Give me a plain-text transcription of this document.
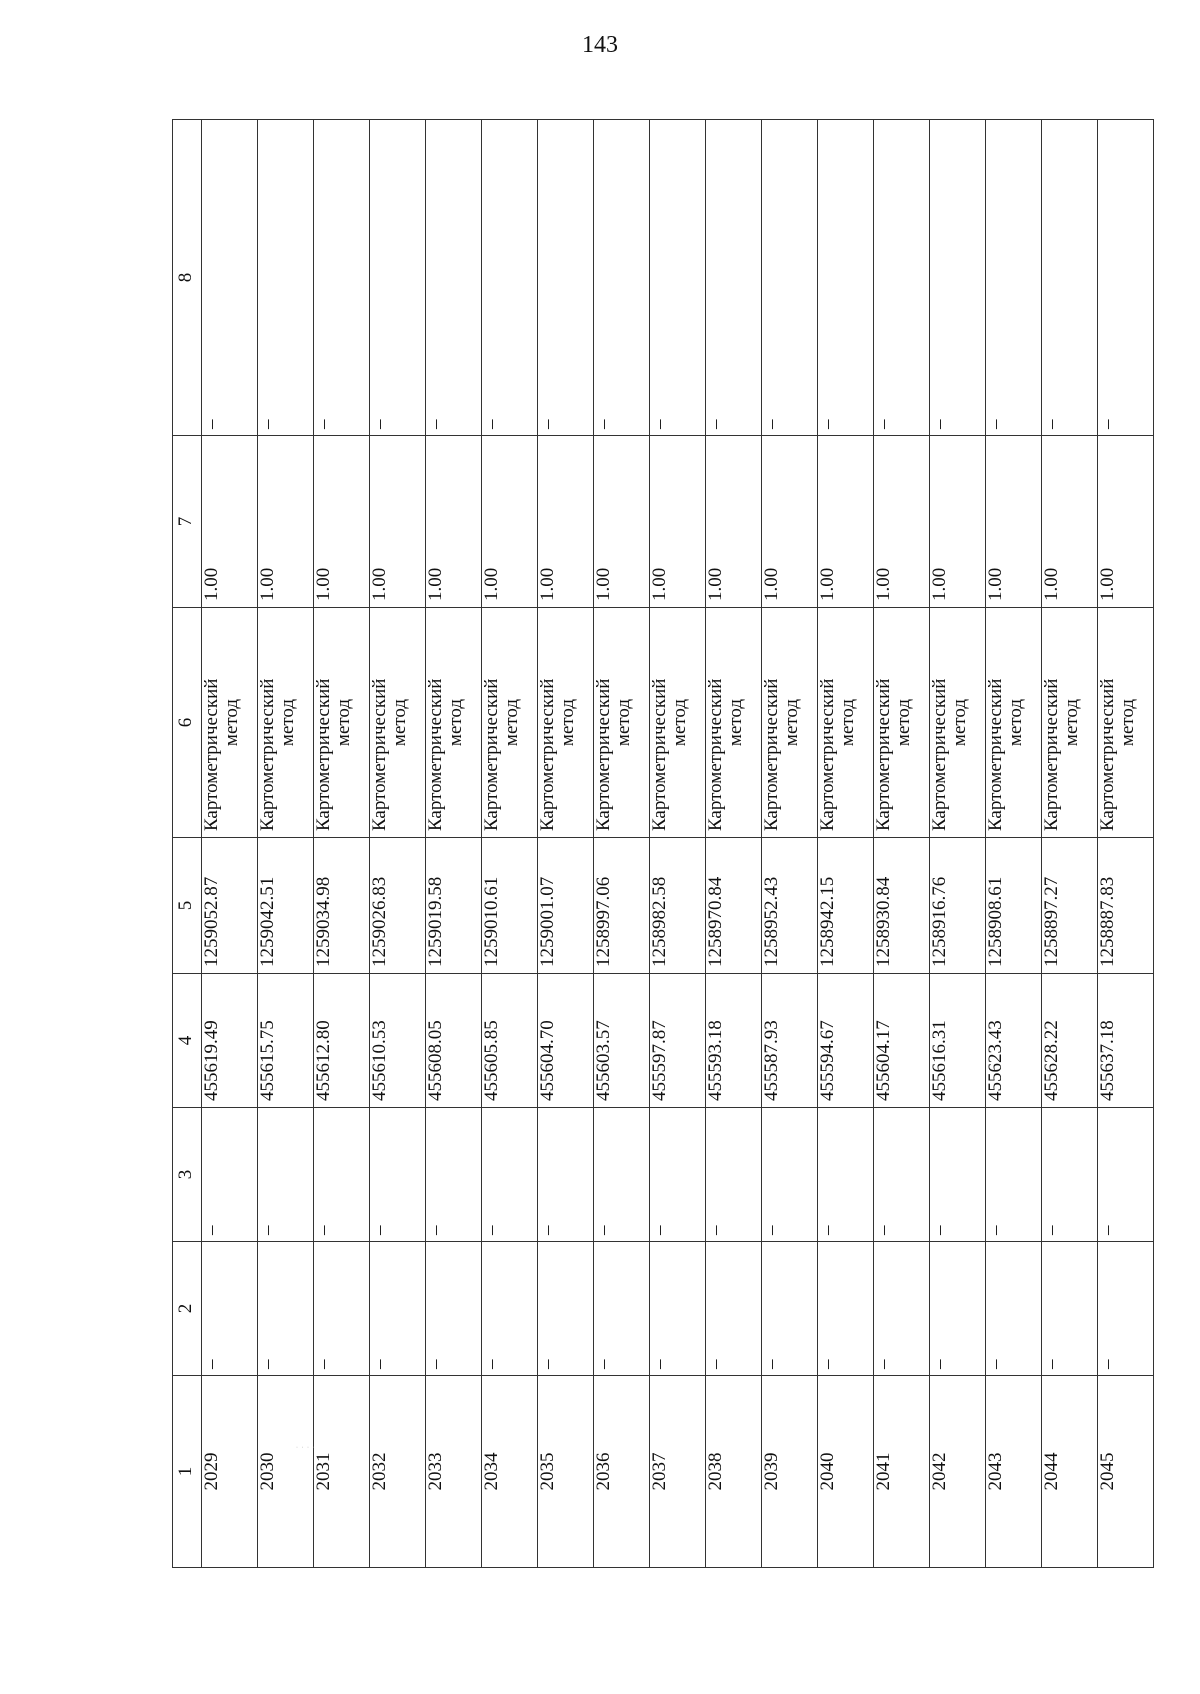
143
1	2	3	4	5	6	7	8
2029	–	–	455619.49	1259052.87	Картометрический метод	1.00	–
2030	–	–	455615.75	1259042.51	Картометрический метод	1.00	–
2031	–	–	455612.80	1259034.98	Картометрический метод	1.00	–
2032	–	–	455610.53	1259026.83	Картометрический метод	1.00	–
2033	–	–	455608.05	1259019.58	Картометрический метод	1.00	–
2034	–	–	455605.85	1259010.61	Картометрический метод	1.00	–
2035	–	–	455604.70	1259001.07	Картометрический метод	1.00	–
2036	–	–	455603.57	1258997.06	Картометрический метод	1.00	–
2037	–	–	455597.87	1258982.58	Картометрический метод	1.00	–
2038	–	–	455593.18	1258970.84	Картометрический метод	1.00	–
2039	–	–	455587.93	1258952.43	Картометрический метод	1.00	–
2040	–	–	455594.67	1258942.15	Картометрический метод	1.00	–
2041	–	–	455604.17	1258930.84	Картометрический метод	1.00	–
2042	–	–	455616.31	1258916.76	Картометрический метод	1.00	–
2043	–	–	455623.43	1258908.61	Картометрический метод	1.00	–
2044	–	–	455628.22	1258897.27	Картометрический метод	1.00	–
2045	–	–	455637.18	1258887.83	Картометрический метод	1.00	–
· · · ·
